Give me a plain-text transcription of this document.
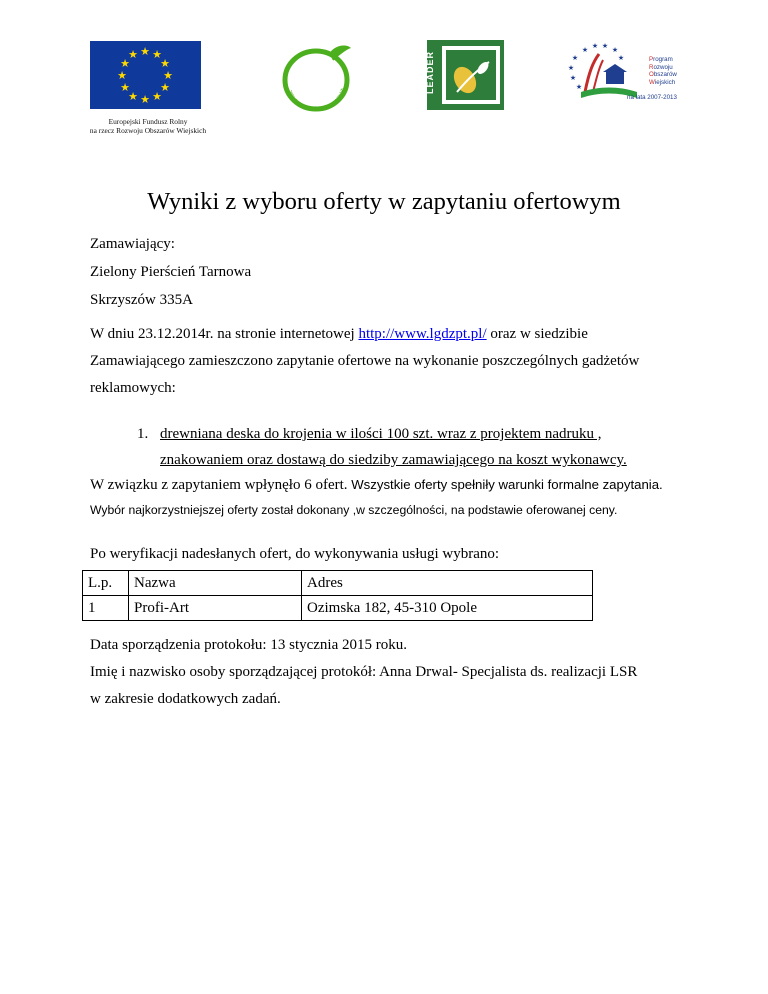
★ ★
★
★
★
★
★
★
★
★
★
★
Europejski Fundusz Rolny
na rzecz Rozwoju Obszarów Wiejskich
ZIELONY PIERŚCIEŃ TARNOWA	LEADER
★ ★ ★ ★
★
★
★
★
★	Program
Rozwoju
Obszarów
Wiejskich
na lata 2007-2013
Wyniki z wyboru oferty w zapytaniu ofertowym
Zamawiający:
Zielony Pierścień Tarnowa
Skrzyszów 335A
W dniu 23.12.2014r. na stronie internetowej http://www.lgdzpt.pl/ oraz w siedzibie
Zamawiającego zamieszczono zapytanie ofertowe na wykonanie poszczególnych gadżetów
reklamowych:
1. drewniana deska do krojenia w ilości 100 szt. wraz z projektem nadruku ,
znakowaniem oraz dostawą do siedziby zamawiającego na koszt wykonawcy.
W związku z zapytaniem wpłynęło 6 ofert. Wszystkie oferty spełniły warunki formalne zapytania.
Wybór najkorzystniejszej oferty został dokonany ,w szczególności, na podstawie oferowanej ceny.
Po weryfikacji nadesłanych ofert, do wykonywania usługi wybrano:
L.p.	Nazwa	Adres
1	Profi-Art	Ozimska 182, 45-310 Opole
Data sporządzenia protokołu: 13 stycznia 2015 roku.
Imię i nazwisko osoby sporządzającej protokół: Anna Drwal- Specjalista ds. realizacji LSR
w zakresie dodatkowych zadań.
